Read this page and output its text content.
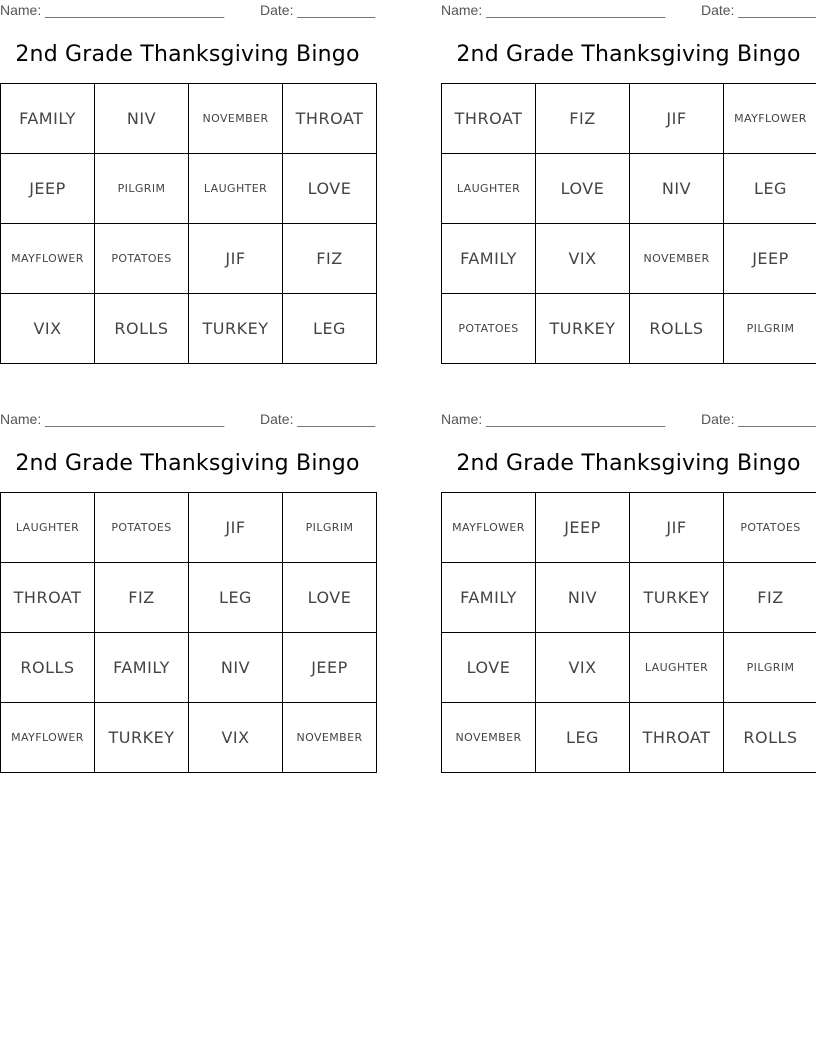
Name: _______________________	Date: __________
2nd Grade Thanksgiving Bingo
FAMILY	NIV	NOVEMBER	THROAT
JEEP	PILGRIM	LAUGHTER	LOVE
MAYFLOWER	POTATOES	JIF	FIZ
VIX	ROLLS	TURKEY	LEG
Name: _______________________	Date: __________
2nd Grade Thanksgiving Bingo
THROAT	FIZ	JIF	MAYFLOWER
LAUGHTER	LOVE	NIV	LEG
FAMILY	VIX	NOVEMBER	JEEP
POTATOES	TURKEY	ROLLS	PILGRIM
Name: _______________________	Date: __________
2nd Grade Thanksgiving Bingo
LAUGHTER	POTATOES	JIF	PILGRIM
THROAT	FIZ	LEG	LOVE
ROLLS	FAMILY	NIV	JEEP
MAYFLOWER	TURKEY	VIX	NOVEMBER
Name: _______________________	Date: __________
2nd Grade Thanksgiving Bingo
MAYFLOWER	JEEP	JIF	POTATOES
FAMILY	NIV	TURKEY	FIZ
LOVE	VIX	LAUGHTER	PILGRIM
NOVEMBER	LEG	THROAT	ROLLS
